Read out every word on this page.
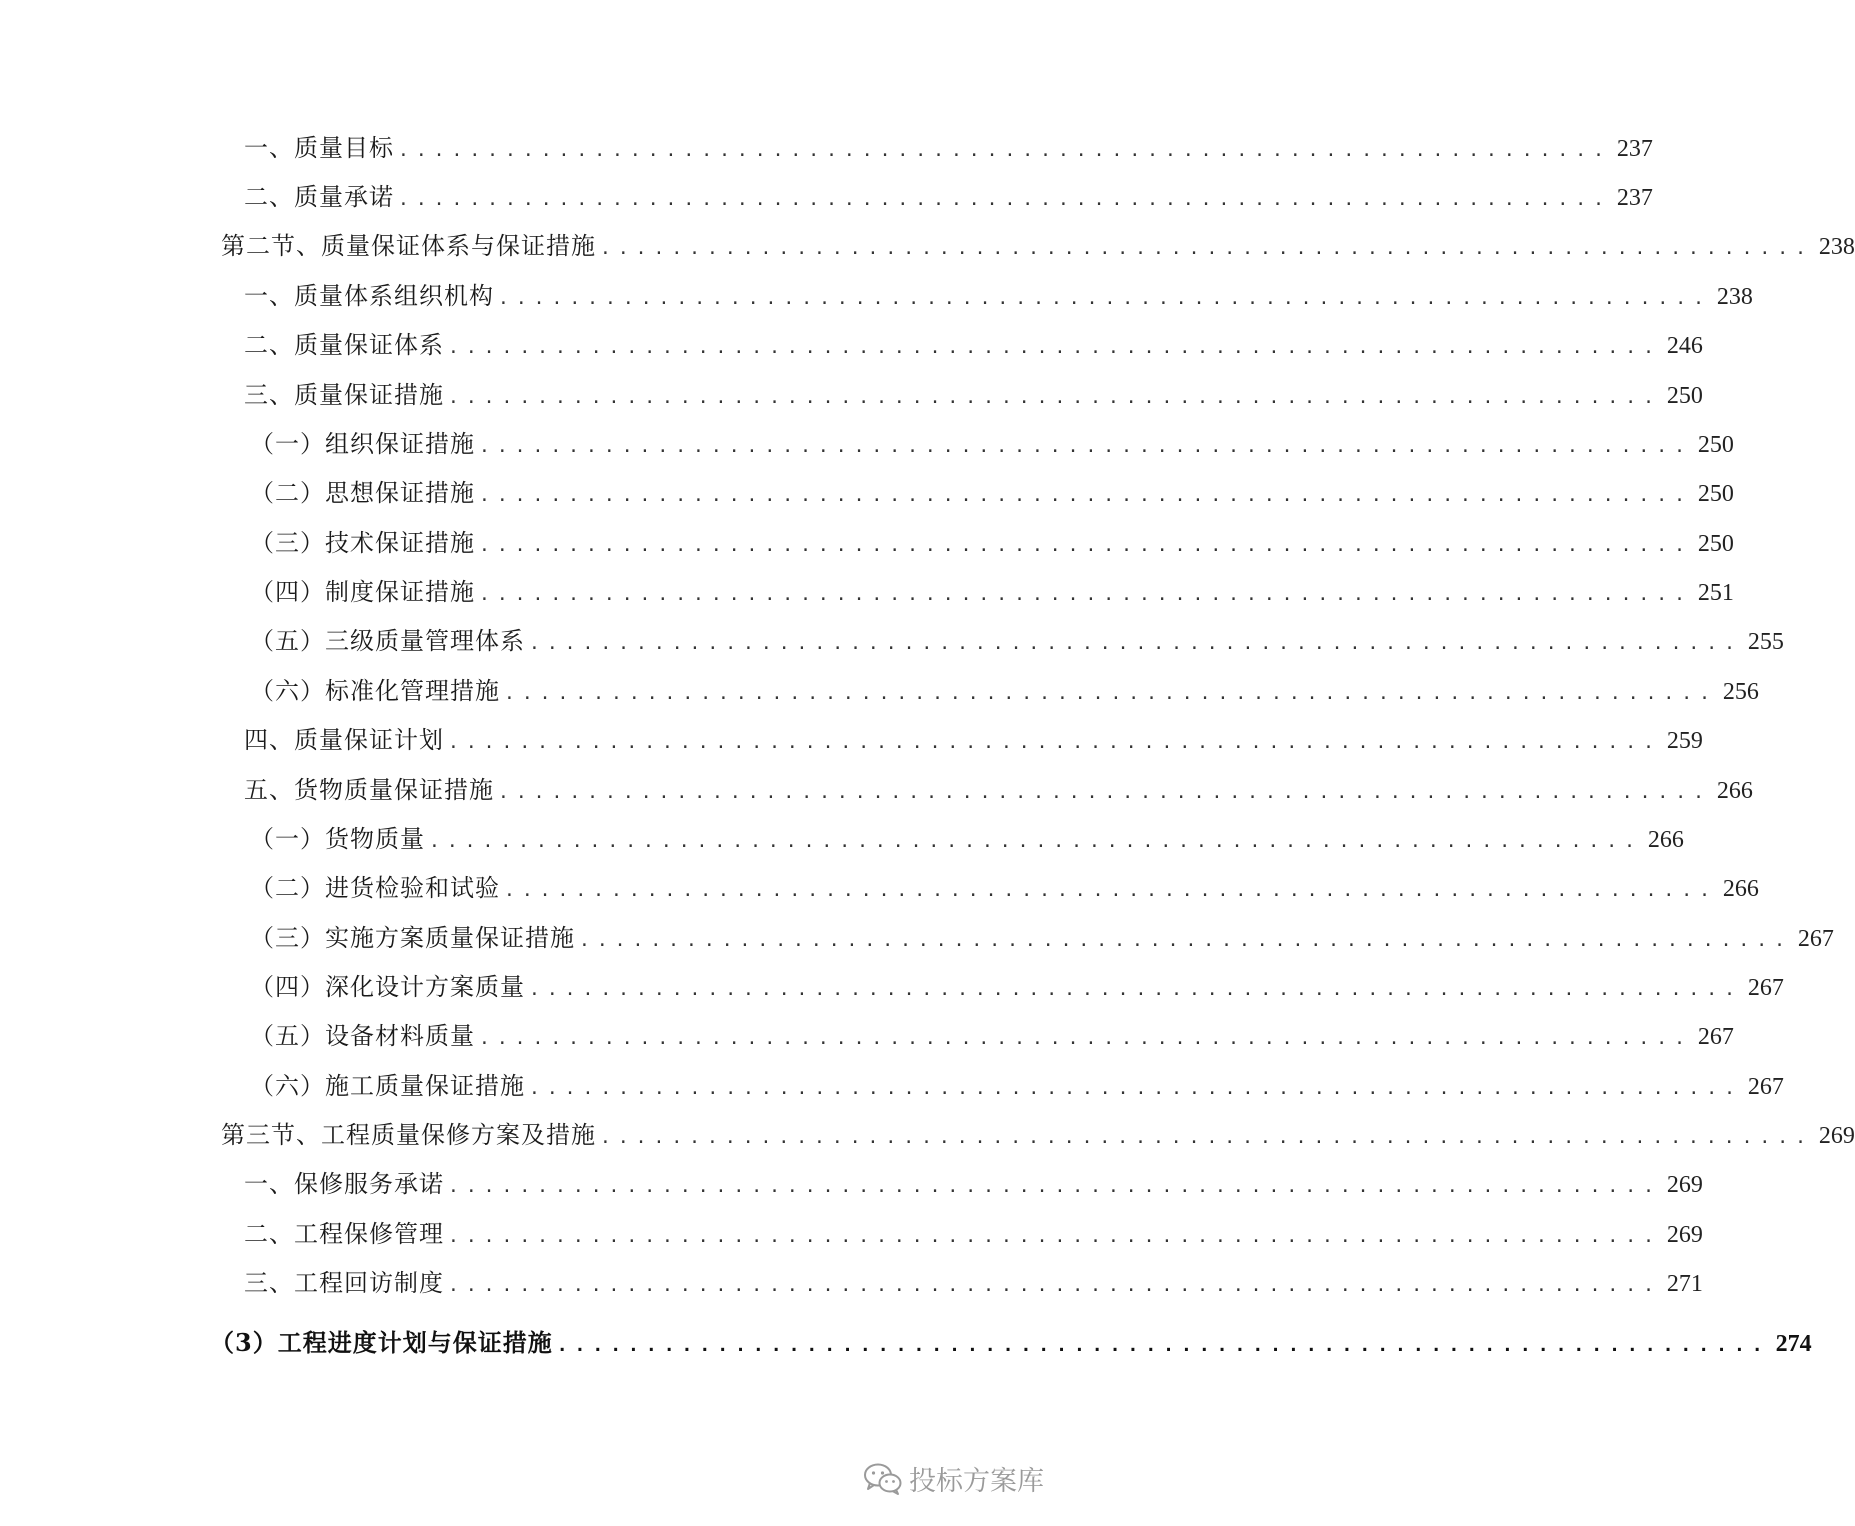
一、质量目标 .................................................................... 237
二、质量承诺 .................................................................... 237
第二节、质量保证体系与保证措施 .................................................................... 238
一、质量体系组织机构 .................................................................... 238
二、质量保证体系 .................................................................... 246
三、质量保证措施 .................................................................... 250
（一）组织保证措施 .................................................................... 250
（二）思想保证措施 .................................................................... 250
（三）技术保证措施 .................................................................... 250
（四）制度保证措施 .................................................................... 251
（五）三级质量管理体系 .................................................................... 255
（六）标准化管理措施 .................................................................... 256
四、质量保证计划 .................................................................... 259
五、货物质量保证措施 .................................................................... 266
（一）货物质量 .................................................................... 266
（二）进货检验和试验 .................................................................... 266
（三）实施方案质量保证措施 .................................................................... 267
（四）深化设计方案质量 .................................................................... 267
（五）设备材料质量 .................................................................... 267
（六）施工质量保证措施 .................................................................... 267
第三节、工程质量保修方案及措施 .................................................................... 269
一、保修服务承诺 .................................................................... 269
二、工程保修管理 .................................................................... 269
三、工程回访制度 .................................................................... 271
（3）工程进度计划与保证措施 .................................................................... 274
投标方案库
